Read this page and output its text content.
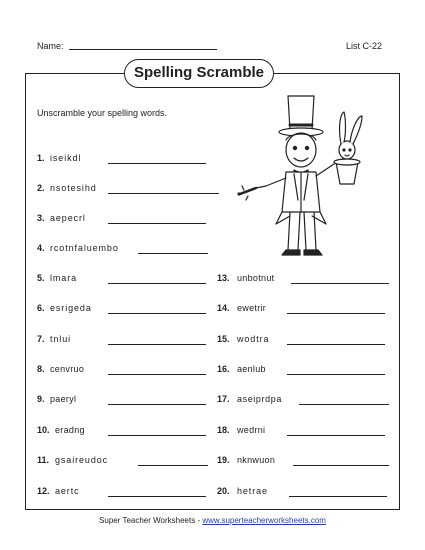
Name:	List C-22
Spelling Scramble
Unscramble your spelling words.
1. iseikdl
2. nsotesihd
3. aepecrl
4. rcotnfaluembo
5. lmara
6. esrigeda
7. tnlui
8. cenvruo
9. paeryl
10. eradng
11. gsaireudoc
12. aertc
13. unbotnut
14. ewetrir
15. wodtra
16. aenlub
17. aseiprdpa
18. wedrni
19. nknwuon
20. hetrae
Super Teacher Worksheets - www.superteacherworksheets.com
